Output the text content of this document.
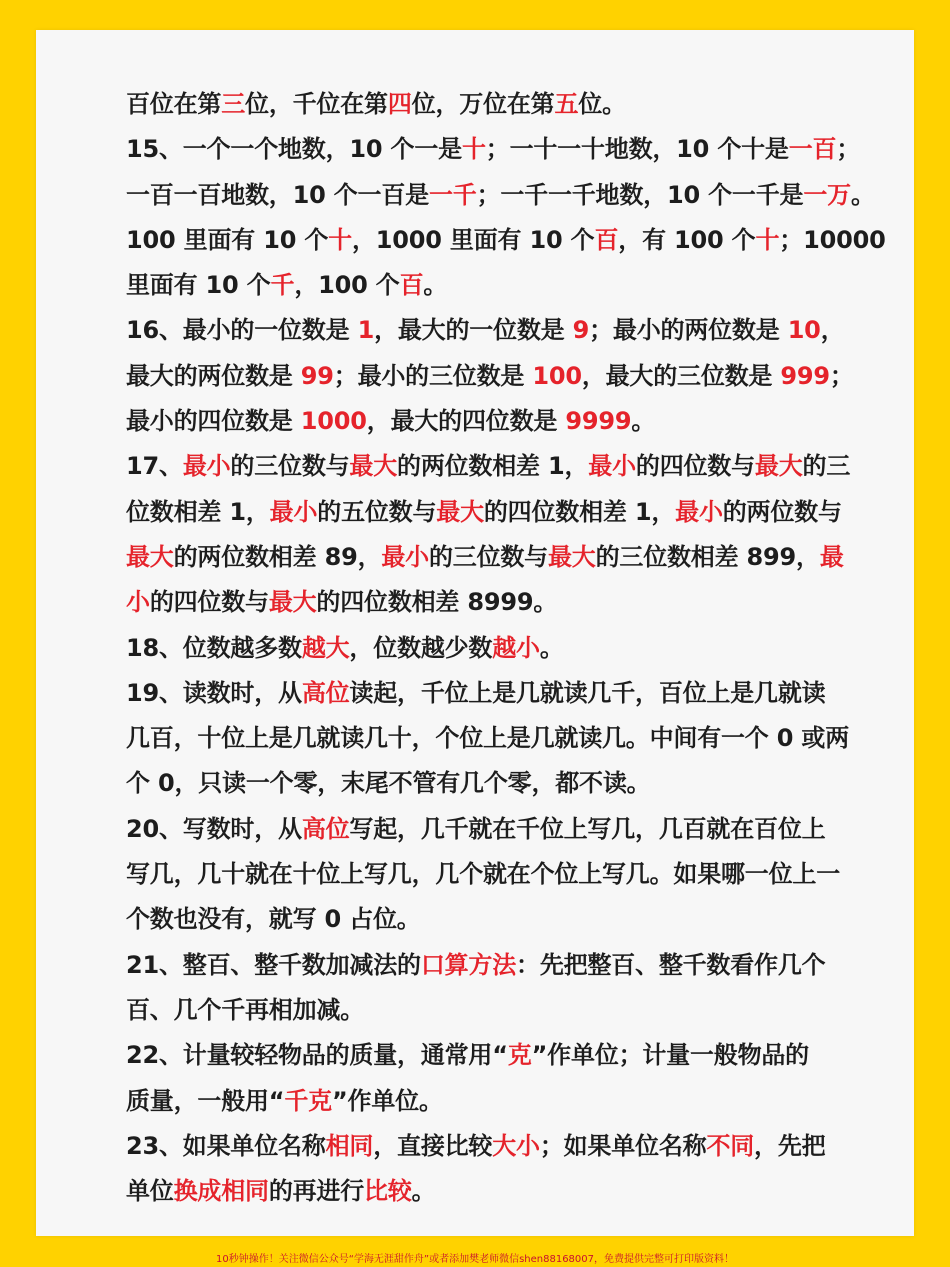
百位在第三位，千位在第四位，万位在第五位。
15、一个一个地数，10 个一是十；一十一十地数，10 个十是一百；
一百一百地数，10 个一百是一千；一千一千地数，10 个一千是一万。
100 里面有 10 个十，1000 里面有 10 个百，有 100 个十；10000
里面有 10 个千，100 个百。
16、最小的一位数是 1，最大的一位数是 9；最小的两位数是 10，
最大的两位数是 99；最小的三位数是 100，最大的三位数是 999；
最小的四位数是 1000，最大的四位数是 9999。
17、最小的三位数与最大的两位数相差 1，最小的四位数与最大的三
位数相差 1，最小的五位数与最大的四位数相差 1，最小的两位数与
最大的两位数相差 89，最小的三位数与最大的三位数相差 899，最
小的四位数与最大的四位数相差 8999。
18、位数越多数越大，位数越少数越小。
19、读数时，从高位读起，千位上是几就读几千，百位上是几就读
几百，十位上是几就读几十，个位上是几就读几。中间有一个 0 或两
个 0，只读一个零，末尾不管有几个零，都不读。
20、写数时，从高位写起，几千就在千位上写几，几百就在百位上
写几，几十就在十位上写几，几个就在个位上写几。如果哪一位上一
个数也没有，就写 0 占位。
21、整百、整千数加减法的口算方法：先把整百、整千数看作几个
百、几个千再相加减。
22、计量较轻物品的质量，通常用“克”作单位；计量一般物品的
质量，一般用“千克”作单位。
23、如果单位名称相同，直接比较大小；如果单位名称不同，先把
单位换成相同的再进行比较。
10秒钟操作！关注微信公众号“学海无涯甜作舟”或者添加樊老师微信shen88168007，免费提供完整可打印版资料！
